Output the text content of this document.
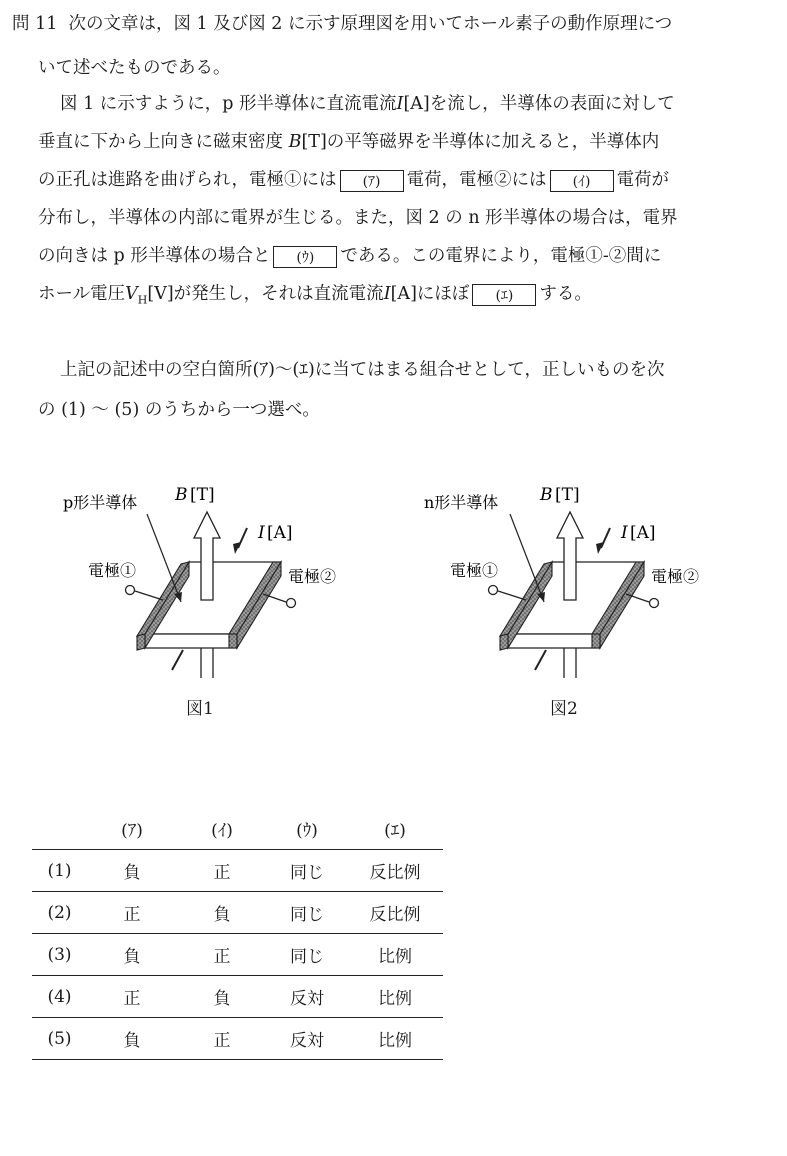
問 11 次の文章は，図 1 及び図 2 に示す原理図を用いてホール素子の動作原理につ
いて述べたものである。
図 1 に示すように，p 形半導体に直流電流I[A]を流し，半導体の表面に対して
垂直に下から上向きに磁束密度 B[T]の平等磁界を半導体に加えると，半導体内
の正孔は進路を曲げられ，電極①には (ｱ) 電荷，電極②には (ｲ) 電荷が
分布し，半導体の内部に電界が生じる。また，図 2 の n 形半導体の場合は，電界
の向きは p 形半導体の場合と (ｳ) である。この電界により，電極①-②間に
ホール電圧$V_H[V]$が発生し，それは直流電流I[A]にほぼ (ｴ) する。
上記の記述中の空白箇所(ｱ)～(ｴ)に当てはまる組合せとして，正しいものを次
の (1) ～ (5) のうちから一つ選べ。
p形半導体 B [T]
I [A]
電極①	電極②
図1
n形半導体 B [T]
I [A]
電極①	電極②
図2
	(ｱ)	(ｲ)	(ｳ)	(ｴ)
(1)	負	正	同じ	反比例
(2)	正	負	同じ	反比例
(3)	負	正	同じ	比例
(4)	正	負	反対	比例
(5)	負	正	反対	比例
